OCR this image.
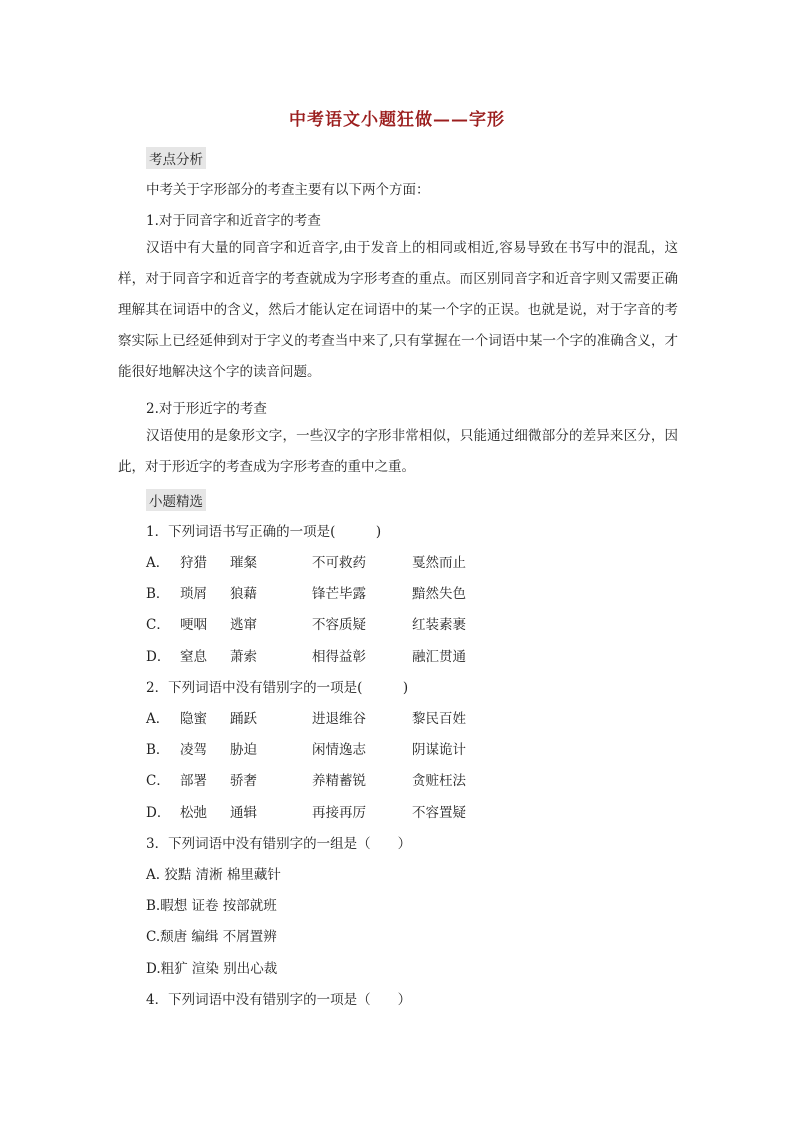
中考语文小题狂做——字形
考点分析
中考关于字形部分的考查主要有以下两个方面：
1.对于同音字和近音字的考查
汉语中有大量的同音字和近音字,由于发音上的相同或相近,容易导致在书写中的混乱，这样，对于同音字和近音字的考查就成为字形考查的重点。而区别同音字和近音字则又需要正确理解其在词语中的含义，然后才能认定在词语中的某一个字的正误。也就是说，对于字音的考察实际上已经延伸到对于字义的考查当中来了,只有掌握在一个词语中某一个字的准确含义，才能很好地解决这个字的读音问题。
2.对于形近字的考查
汉语使用的是象形文字，一些汉字的字形非常相似，只能通过细微部分的差异来区分，因此，对于形近字的考查成为字形考查的重中之重。
小题精选
1．下列词语书写正确的一项是(　　　)
A． 狩猎 璀粲	不可救药	戛然而止
B． 琐屑 狼藉	锋芒毕露	黯然失色
C． 哽咽 逃窜	不容质疑	红装素裹
D． 窒息 萧索	相得益彰	融汇贯通
2．下列词语中没有错别字的一项是(　　　)
A． 隐蜜 踊跃	进退维谷	黎民百姓
B． 凌驾 胁迫	闲情逸志	阴谋诡计
C． 部署 骄奢	养精蓄锐	贪赃枉法
D． 松弛 通辑	再接再厉	不容置疑
3．下列词语中没有错别字的一组是（　　）
A. 狡黠 清淅 棉里藏针
B.暇想 证卷 按部就班
C.颓唐 编缉 不屑置辨
D.粗犷 渲染 别出心裁
4．下列词语中没有错别字的一项是（　　）
